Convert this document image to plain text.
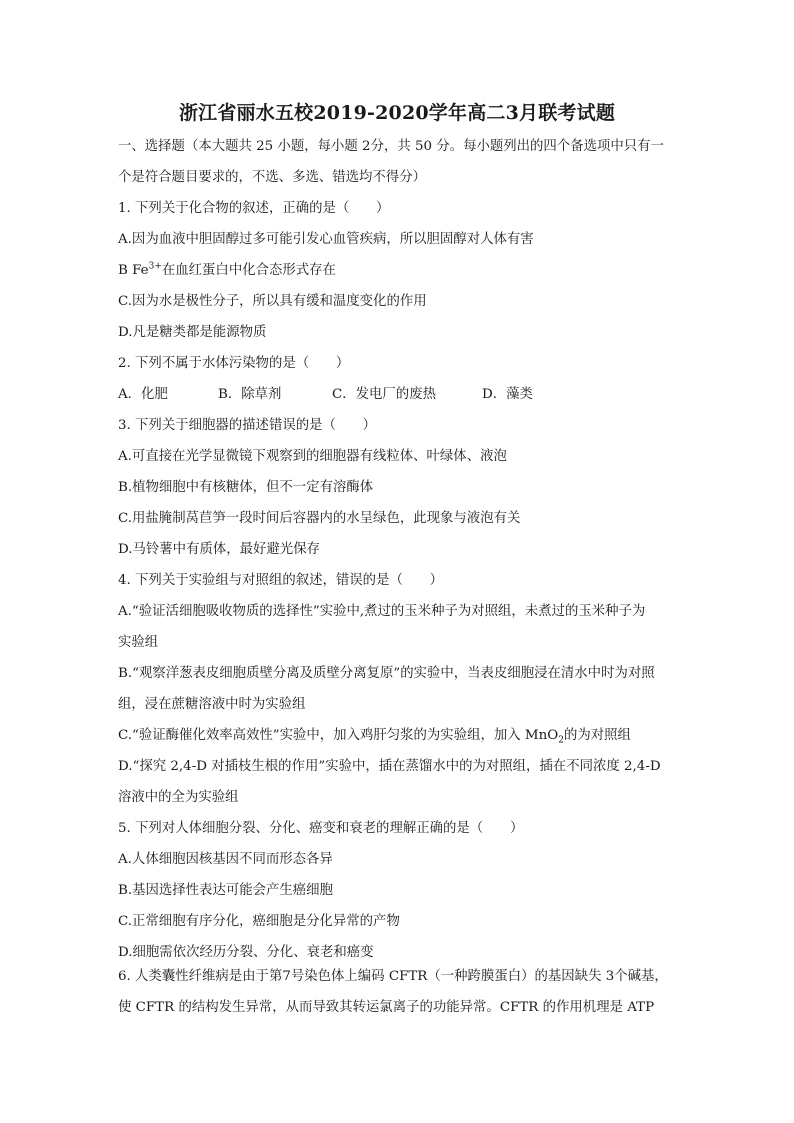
浙江省丽水五校2019-2020学年高二3月联考试题
一、选择题（本大题共 25 小题，每小题 2分，共 50 分。每小题列出的四个备选项中只有一
个是符合题目要求的，不选、多选、错选均不得分）
1. 下列关于化合物的叙述，正确的是（　　）
A.因为血液中胆固醇过多可能引发心血管疾病，所以胆固醇对人体有害
B $Fe^{3+}$在血红蛋白中化合态形式存在
C.因为水是极性分子，所以具有缓和温度变化的作用
D.凡是糖类都是能源物质
2. 下列不属于水体污染物的是（　　）
A．化肥	B．除草剂	C．发电厂的废热	D．藻类
3. 下列关于细胞器的描述错误的是（　　）
A.可直接在光学显微镜下观察到的细胞器有线粒体、叶绿体、液泡
B.植物细胞中有核糖体，但不一定有溶酶体
C.用盐腌制莴苣笋一段时间后容器内的水呈绿色，此现象与液泡有关
D.马铃薯中有质体，最好避光保存
4. 下列关于实验组与对照组的叙述，错误的是（　　）
A.“验证活细胞吸收物质的选择性”实验中,煮过的玉米种子为对照组，未煮过的玉米种子为
实验组
B.“观察洋葱表皮细胞质壁分离及质壁分离复原”的实验中，当表皮细胞浸在清水中时为对照
组，浸在蔗糖溶液中时为实验组
C.“验证酶催化效率高效性”实验中，加入鸡肝匀浆的为实验组，加入 MnO$_2$的为对照组
D.“探究 2,4-D 对插枝生根的作用”实验中，插在蒸馏水中的为对照组，插在不同浓度 2,4-D
溶液中的全为实验组
5. 下列对人体细胞分裂、分化、癌变和衰老的理解正确的是（　　）
A.人体细胞因核基因不同而形态各异
B.基因选择性表达可能会产生癌细胞
C.正常细胞有序分化，癌细胞是分化异常的产物
D.细胞需依次经历分裂、分化、衰老和癌变
6. 人类囊性纤维病是由于第7号染色体上编码 CFTR（一种跨膜蛋白）的基因缺失 3个碱基，
使 CFTR 的结构发生异常，从而导致其转运氯离子的功能异常。CFTR 的作用机理是 ATP
